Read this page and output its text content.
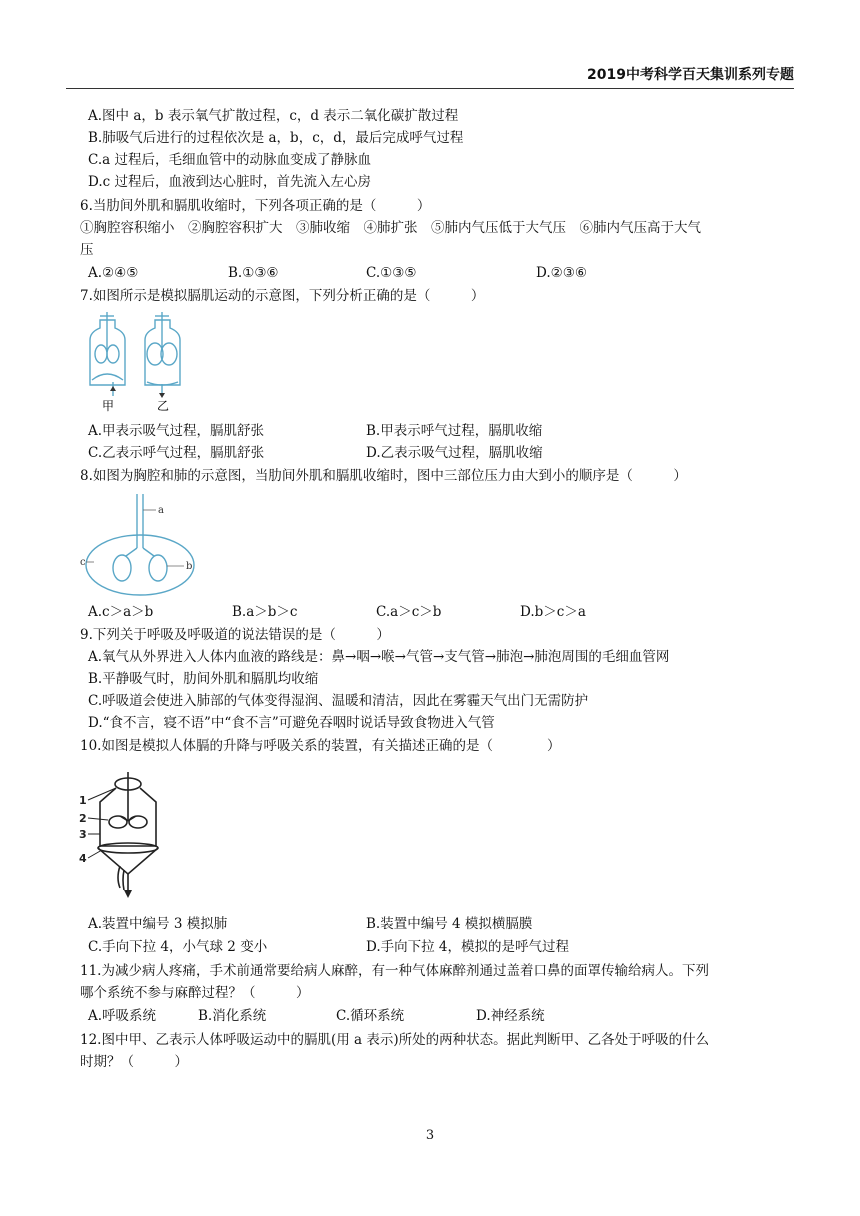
2019中考科学百天集训系列专题
A.图中 a，b 表示氧气扩散过程，c，d 表示二氧化碳扩散过程
B.肺吸气后进行的过程依次是 a，b，c，d，最后完成呼气过程
C.a 过程后，毛细血管中的动脉血变成了静脉血
D.c 过程后，血液到达心脏时，首先流入左心房
6.当肋间外肌和膈肌收缩时，下列各项正确的是（　　　）
①胸腔容积缩小　②胸腔容积扩大　③肺收缩　④肺扩张　⑤肺内气压低于大气压　⑥肺内气压高于大气
压
A.②④⑤	B.①③⑥	C.①③⑤	D.②③⑥
7.如图所示是模拟膈肌运动的示意图，下列分析正确的是（　　　）
甲	乙
A.甲表示吸气过程，膈肌舒张	B.甲表示呼气过程，膈肌收缩
C.乙表示呼气过程，膈肌舒张	D.乙表示吸气过程，膈肌收缩
8.如图为胸腔和肺的示意图，当肋间外肌和膈肌收缩时，图中三部位压力由大到小的顺序是（　　　）
a
b
c
A.c＞a＞b	B.a＞b＞c	C.a＞c＞b	D.b＞c＞a
9.下列关于呼吸及呼吸道的说法错误的是（　　　）
A.氧气从外界进入人体内血液的路线是：鼻→咽→喉→气管→支气管→肺泡→肺泡周围的毛细血管网
B.平静吸气时，肋间外肌和膈肌均收缩
C.呼吸道会使进入肺部的气体变得湿润、温暖和清洁，因此在雾霾天气出门无需防护
D.“食不言，寝不语”中“食不言”可避免吞咽时说话导致食物进入气管
10.如图是模拟人体膈的升降与呼吸关系的装置，有关描述正确的是（　　　　）
1
2
3
4
A.装置中编号 3 模拟肺	B.装置中编号 4 模拟横膈膜
C.手向下拉 4，小气球 2 变小	D.手向下拉 4，模拟的是呼气过程
11.为减少病人疼痛，手术前通常要给病人麻醉，有一种气体麻醉剂通过盖着口鼻的面罩传输给病人。下列
哪个系统不参与麻醉过程？（　　　）
A.呼吸系统	B.消化系统	C.循环系统	D.神经系统
12.图中甲、乙表示人体呼吸运动中的膈肌(用 a 表示)所处的两种状态。据此判断甲、乙各处于呼吸的什么
时期？（　　　）
3
